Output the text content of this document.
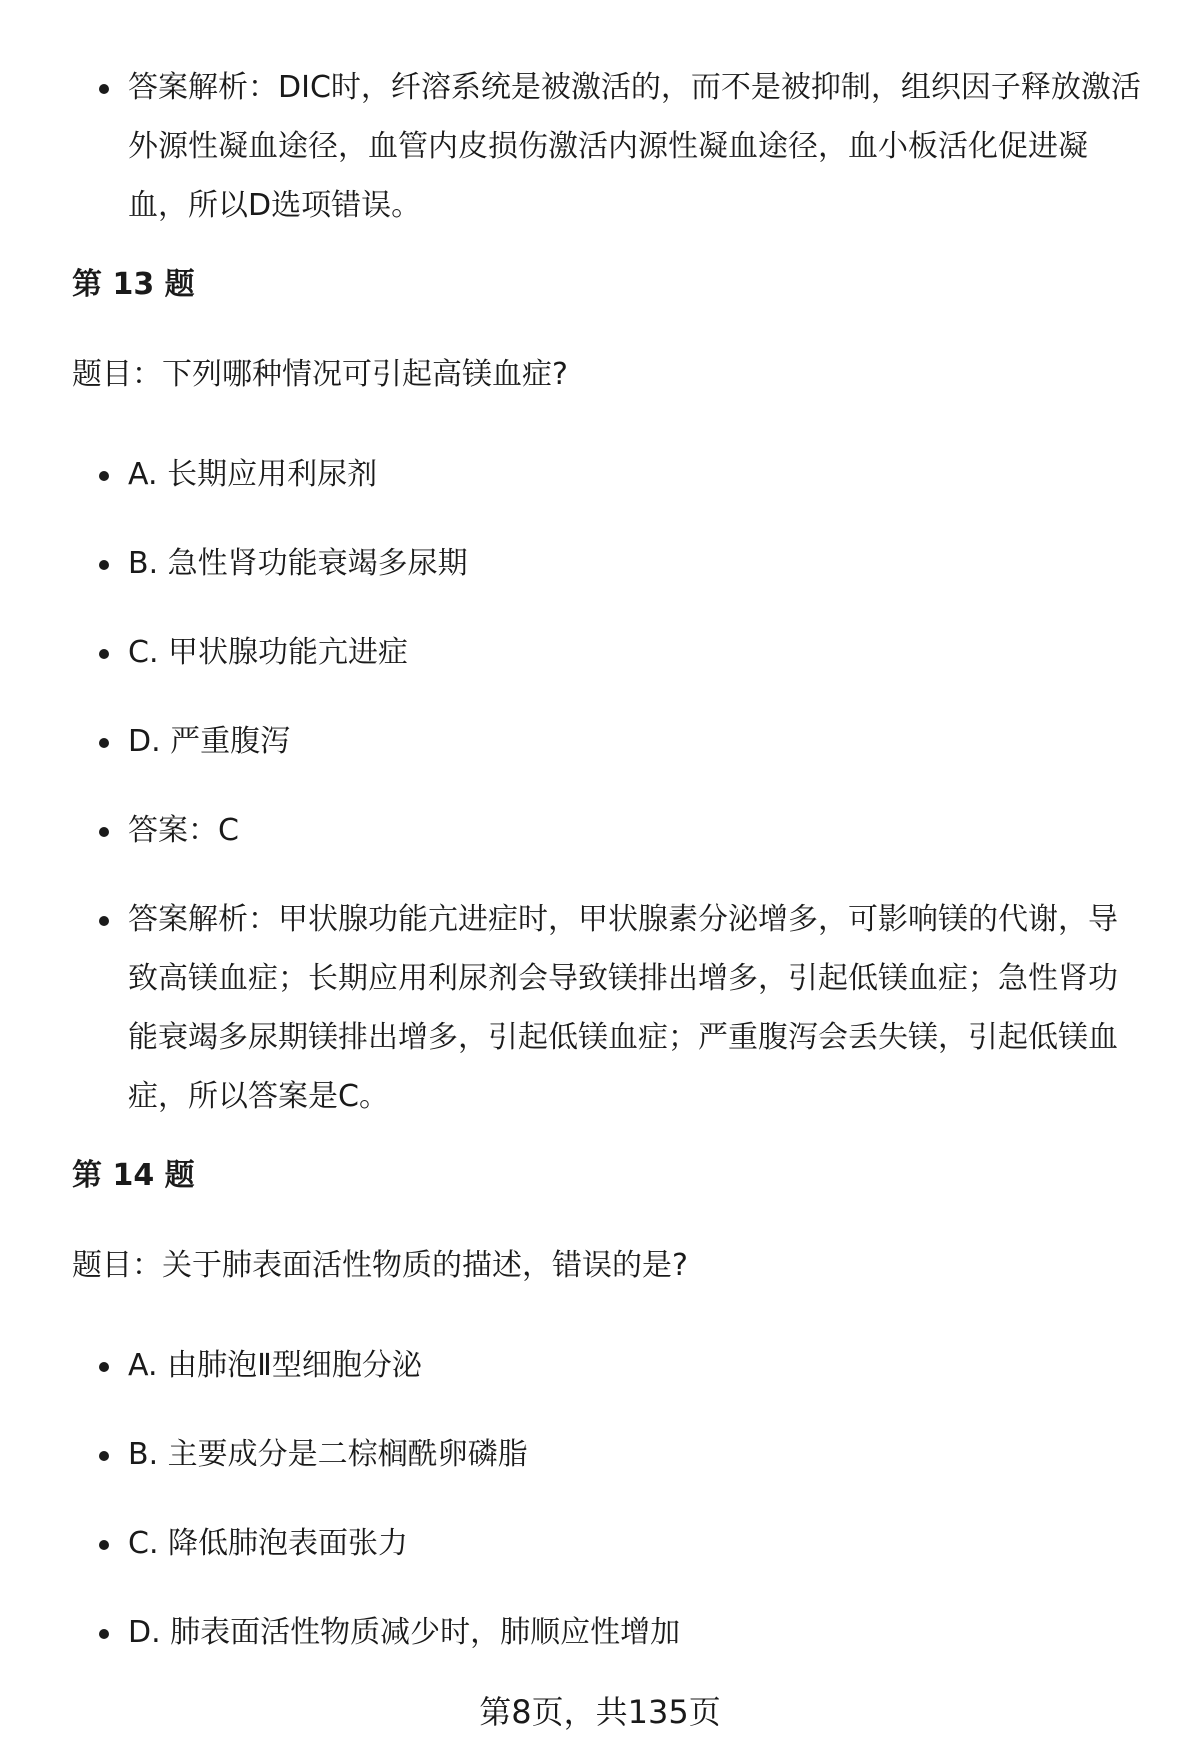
答案解析：DIC时，纤溶系统是被激活的，而不是被抑制，组织因子释放激活外源性凝血途径，血管内皮损伤激活内源性凝血途径，血小板活化促进凝血，所以D选项错误。
第 13 题
题目：下列哪种情况可引起高镁血症?
A. 长期应用利尿剂
B. 急性肾功能衰竭多尿期
C. 甲状腺功能亢进症
D. 严重腹泻
答案：C
答案解析：甲状腺功能亢进症时，甲状腺素分泌增多，可影响镁的代谢，导致高镁血症；长期应用利尿剂会导致镁排出增多，引起低镁血症；急性肾功能衰竭多尿期镁排出增多，引起低镁血症；严重腹泻会丢失镁，引起低镁血症，所以答案是C。
第 14 题
题目：关于肺表面活性物质的描述，错误的是?
A. 由肺泡Ⅱ型细胞分泌
B. 主要成分是二棕榈酰卵磷脂
C. 降低肺泡表面张力
D. 肺表面活性物质减少时，肺顺应性增加
第8页，共135页
